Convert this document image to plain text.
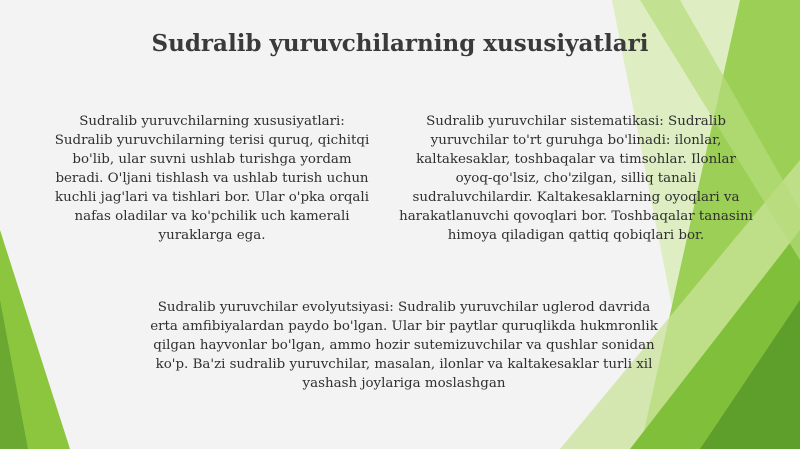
Sudralib yuruvchilarning xususiyatlari

Sudralib yuruvchilarning xususiyatlari: Sudralib yuruvchilarning terisi quruq, qichitqi bo'lib, ular suvni ushlab turishga yordam beradi. O'ljani tishlash va ushlab turish uchun kuchli jag'lari va tishlari bor. Ular o'pka orqali nafas oladilar va ko'pchilik uch kamerali yuraklarga ega.

Sudralib yuruvchilar sistematikasi: Sudralib yuruvchilar to'rt guruhga bo'linadi: ilonlar, kaltakesaklar, toshbaqalar va timsohlar. Ilonlar oyoq-qo'lsiz, cho'zilgan, silliq tanali sudraluvchilardir. Kaltakesaklarning oyoqlari va harakatlanuvchi qovoqlari bor. Toshbaqalar tanasini himoya qiladigan qattiq qobiqlari bor.

Sudralib yuruvchilar evolyutsiyasi: Sudralib yuruvchilar uglerod davrida erta amfibiyalardan paydo bo'lgan. Ular bir paytlar quruqlikda hukmronlik qilgan hayvonlar bo'lgan, ammo hozir sutemizuvchilar va qushlar sonidan ko'p. Ba'zi sudralib yuruvchilar, masalan, ilonlar va kaltakesaklar turli xil yashash joylariga moslashgan
